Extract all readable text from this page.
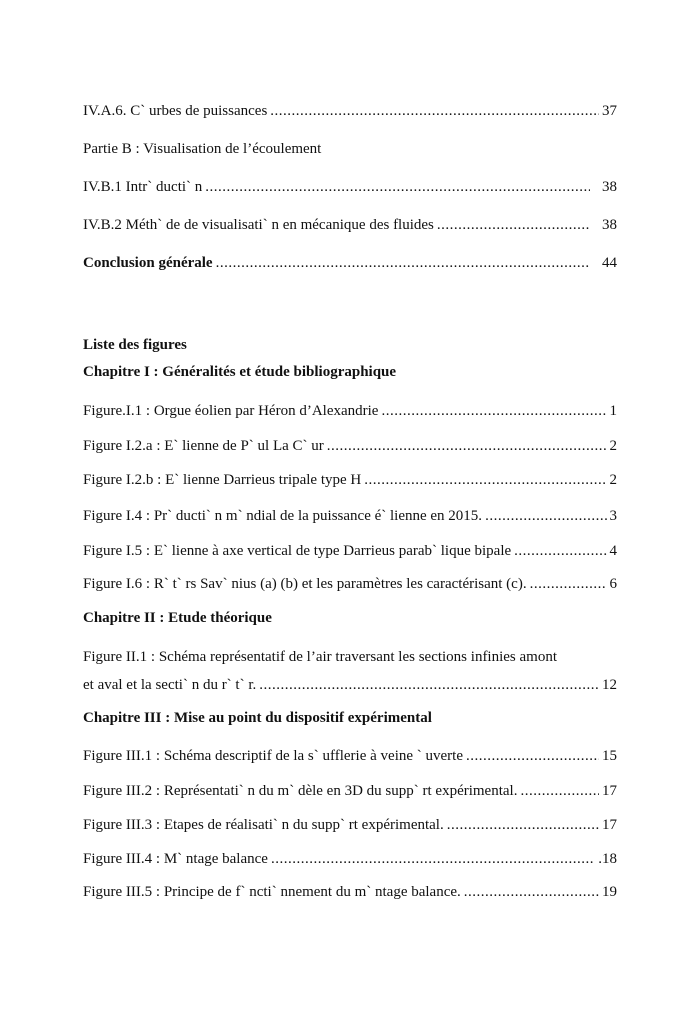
IV.A.6. C` urbes de puissances .....	37
Partie B : Visualisation de l’écoulement
IV.B.1 Intr` ducti` n .....	38
IV.B.2 Méth` de de visualisati` n en mécanique des fluides .....	38
Conclusion générale .....	44
Liste des figures
Chapitre I : Généralités et étude bibliographique
Figure.I.1 : Orgue éolien par Héron d’Alexandrie .....	1
Figure I.2.a : E` lienne de P` ul La C` ur .....	2
Figure I.2.b : E` lienne Darrieus tripale type H .....	2
Figure I.4 : Pr` ducti` n m` ndial de la puissance é` lienne en 2015. .....	3
Figure I.5 : E` lienne à axe vertical de type Darrieus parab` lique bipale .....	4
Figure I.6 : R` t` rs Sav` nius (a) (b) et les paramètres les caractérisant (c). .....	6
Chapitre II : Etude théorique
Figure II.1 : Schéma représentatif de l’air traversant les sections infinies amont
et aval et la secti` n du r` t` r. .....	12
Chapitre III : Mise au point du dispositif expérimental
Figure III.1 : Schéma descriptif de la s` ufflerie à veine ` uverte .....	15
Figure III.2 : Représentati` n du m` dèle en 3D du supp` rt expérimental. .....	17
Figure III.3 : Etapes de réalisati` n du supp` rt expérimental. .....	17
Figure III.4 : M` ntage balance .....	.18
Figure III.5 : Principe de f` ncti` nnement du m` ntage balance. .....	19
